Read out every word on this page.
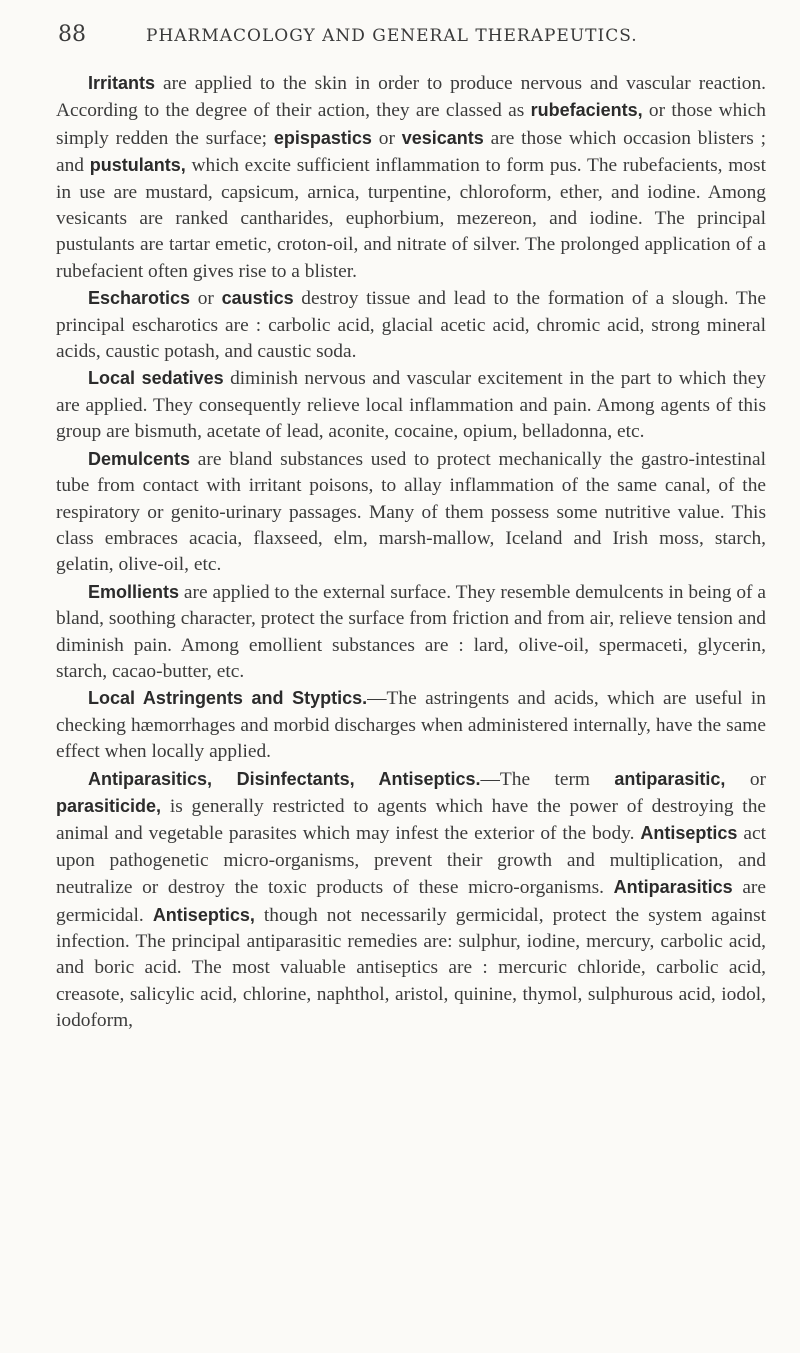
88	PHARMACOLOGY AND GENERAL THERAPEUTICS.

Irritants are applied to the skin in order to produce nervous and vascular reaction. According to the degree of their action, they are classed as rubefacients, or those which simply redden the surface; epispastics or vesicants are those which occasion blisters ; and pustulants, which excite sufficient inflammation to form pus. The rubefacients, most in use are mustard, capsicum, arnica, turpentine, chloroform, ether, and iodine. Among vesicants are ranked cantharides, euphorbium, mezereon, and iodine. The principal pustulants are tartar emetic, croton-oil, and nitrate of silver. The prolonged application of a rubefacient often gives rise to a blister.

Escharotics or caustics destroy tissue and lead to the formation of a slough. The principal escharotics are : carbolic acid, glacial acetic acid, chromic acid, strong mineral acids, caustic potash, and caustic soda.

Local sedatives diminish nervous and vascular excitement in the part to which they are applied. They consequently relieve local inflammation and pain. Among agents of this group are bismuth, acetate of lead, aconite, cocaine, opium, belladonna, etc.

Demulcents are bland substances used to protect mechanically the gastro-intestinal tube from contact with irritant poisons, to allay inflammation of the same canal, of the respiratory or genito-urinary passages. Many of them possess some nutritive value. This class embraces acacia, flaxseed, elm, marsh-mallow, Iceland and Irish moss, starch, gelatin, olive-oil, etc.

Emollients are applied to the external surface. They resemble demulcents in being of a bland, soothing character, protect the surface from friction and from air, relieve tension and diminish pain. Among emollient substances are : lard, olive-oil, spermaceti, glycerin, starch, cacao-butter, etc.

Local Astringents and Styptics.—The astringents and acids, which are useful in checking hæmorrhages and morbid discharges when administered internally, have the same effect when locally applied.

Antiparasitics, Disinfectants, Antiseptics.—The term antiparasitic, or parasiticide, is generally restricted to agents which have the power of destroying the animal and vegetable parasites which may infest the exterior of the body. Antiseptics act upon pathogenetic micro-organisms, prevent their growth and multiplication, and neutralize or destroy the toxic products of these micro-organisms. Antiparasitics are germicidal. Antiseptics, though not necessarily germicidal, protect the system against infection. The principal antiparasitic remedies are: sulphur, iodine, mercury, carbolic acid, and boric acid. The most valuable antiseptics are : mercuric chloride, carbolic acid, creasote, salicylic acid, chlorine, naphthol, aristol, quinine, thymol, sulphurous acid, iodol, iodoform,
